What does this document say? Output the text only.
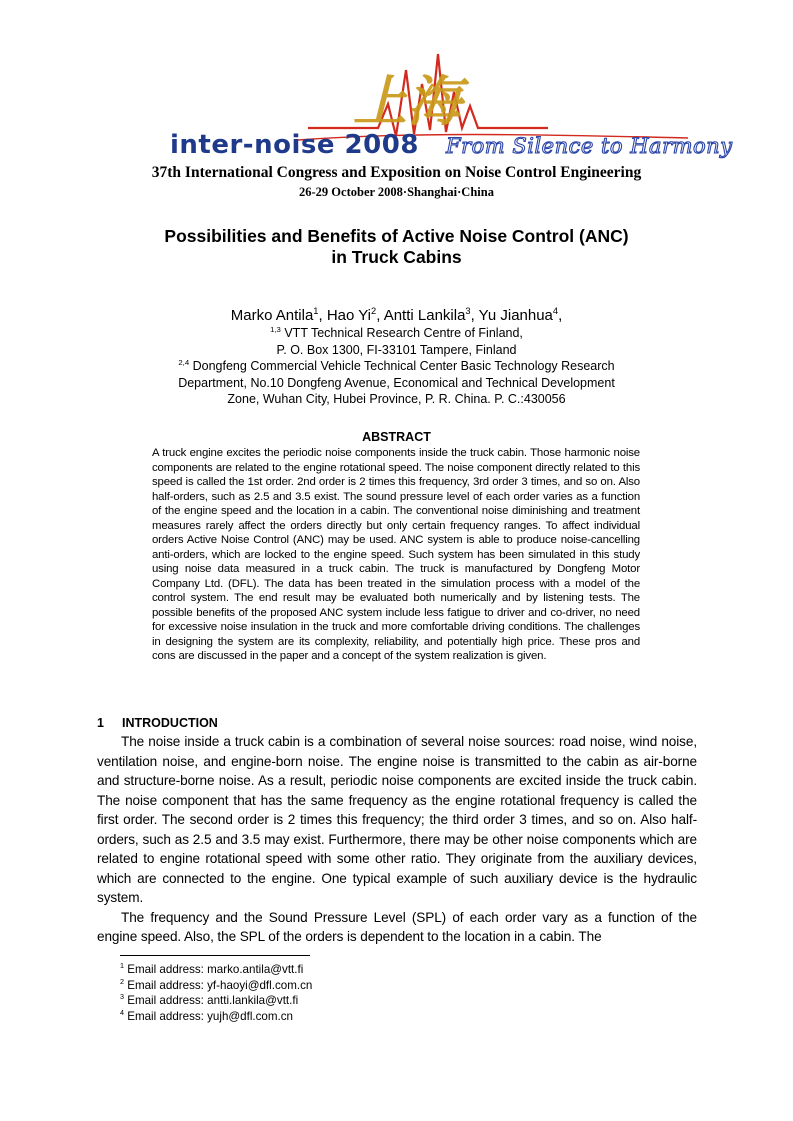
上海
inter-noise 2008 From Silence to Harmony
37th International Congress and Exposition on Noise Control Engineering
26-29 October 2008·Shanghai·China
Possibilities and Benefits of Active Noise Control (ANC)
in Truck Cabins
Marko Antila$^1$, Hao Yi$^2$, Antti Lankila$^3$, Yu Jianhua$^4$,
$^{1,3}$ VTT Technical Research Centre of Finland,
P. O. Box 1300, FI-33101 Tampere, Finland
$^{2,4}$ Dongfeng Commercial Vehicle Technical Center Basic Technology Research
Department, No.10 Dongfeng Avenue, Economical and Technical Development
Zone, Wuhan City, Hubei Province, P. R. China. P. C.:430056
ABSTRACT
A truck engine excites the periodic noise components inside the truck cabin. Those harmonic noise components are related to the engine rotational speed. The noise component directly related to this speed is called the 1st order. 2nd order is 2 times this frequency, 3rd order 3 times, and so on. Also half-orders, such as 2.5 and 3.5 exist. The sound pressure level of each order varies as a function of the engine speed and the location in a cabin. The conventional noise diminishing and treatment measures rarely affect the orders directly but only certain frequency ranges. To affect individual orders Active Noise Control (ANC) may be used. ANC system is able to produce noise-cancelling anti-orders, which are locked to the engine speed. Such system has been simulated in this study using noise data measured in a truck cabin. The truck is manufactured by Dongfeng Motor Company Ltd. (DFL). The data has been treated in the simulation process with a model of the control system. The end result may be evaluated both numerically and by listening tests. The possible benefits of the proposed ANC system include less fatigue to driver and co-driver, no need for excessive noise insulation in the truck and more comfortable driving conditions. The challenges in designing the system are its complexity, reliability, and potentially high price. These pros and cons are discussed in the paper and a concept of the system realization is given.
1 INTRODUCTION

The noise inside a truck cabin is a combination of several noise sources: road noise, wind noise, ventilation noise, and engine-born noise. The engine noise is transmitted to the cabin as air-borne and structure-borne noise. As a result, periodic noise components are excited inside the truck cabin. The noise component that has the same frequency as the engine rotational frequency is called the first order. The second order is 2 times this frequency; the third order 3 times, and so on. Also half-orders, such as 2.5 and 3.5 may exist. Furthermore, there may be other noise components which are related to engine rotational speed with some other ratio. They originate from the auxiliary devices, which are connected to the engine. One typical example of such auxiliary device is the hydraulic system.

The frequency and the Sound Pressure Level (SPL) of each order vary as a function of the engine speed. Also, the SPL of the orders is dependent to the location in a cabin. The

$^1$ Email address: marko.antila@vtt.fi
$^2$ Email address: yf-haoyi@dfl.com.cn
$^3$ Email address: antti.lankila@vtt.fi
$^4$ Email address: yujh@dfl.com.cn
